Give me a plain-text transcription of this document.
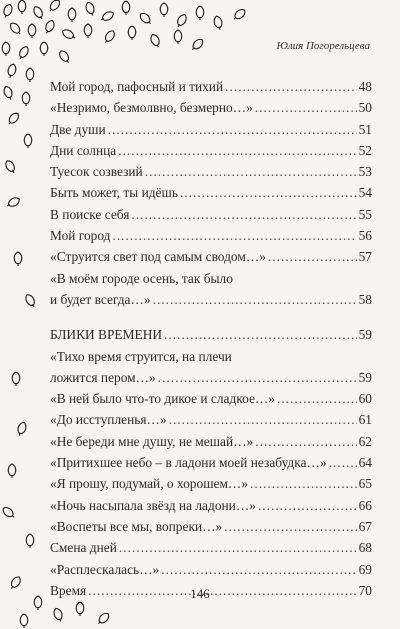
Юлия Погорельцева
Мой город, пафосный и тихий .....	48
«Незримо, безмолвно, безмерно…» .....	50
Две души .....	51
Дни солнца .....	52
Туесок созвезий .....	53
Быть может, ты идёшь .....	54
В поиске себя .....	55
Мой город .....	56
«Струится свет под самым сводом…» .....	57
«В моём городе осень, так было
и будет всегда…» .....	58
БЛИКИ ВРЕМЕНИ .....	59
«Тихо время струится, на плечи
ложится пером…» .....	59
«В ней было что-то дикое и сладкое…» .....	60
«До исступленья…» .....	61
«Не береди мне душу, не мешай…» .....	62
«Притихшее небо – в ладони моей незабудка…» ..... 64
«Я прошу, подумай, о хорошем…» .....	65
«Ночь насыпала звёзд на ладони…» .....	66
«Воспеты все мы, вопреки…» .....	67
Смена дней .....	68
«Расплескалась…» .....	69
Время .....	70
146
